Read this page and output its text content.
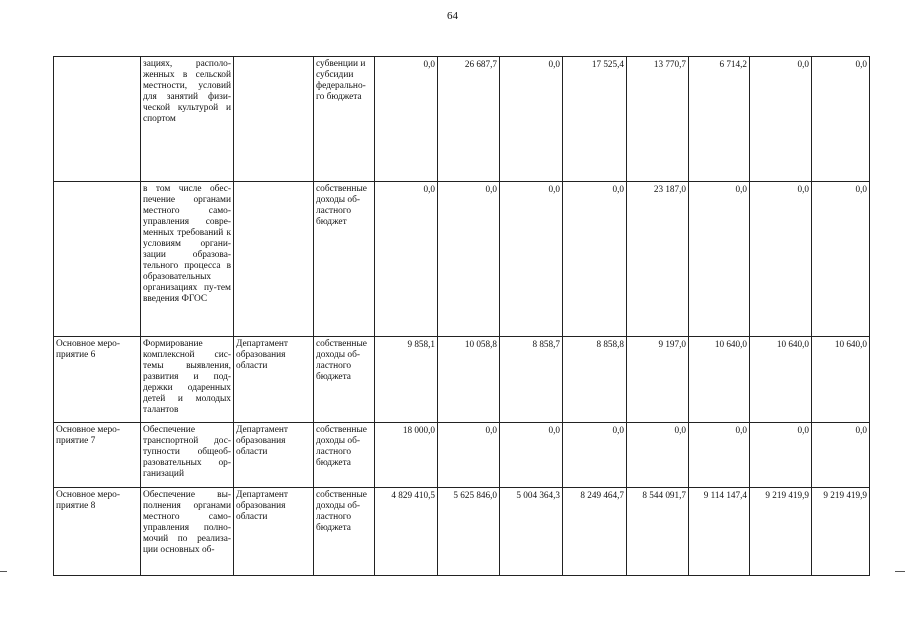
64
	зациях, располо-женных в сельской местности, условий для занятий физи-ческой культурой и спортом		субвенции и субсидии федерально-го бюджета	0,0	26 687,7	0,0	17 525,4	13 770,7	6 714,2	0,0	0,0
	в том числе обес-печение органами местного само-управления совре-менных требований к условиям органи-зации образова-тельного процесса в образовательных организациях пу-тем введения ФГОС		собственные доходы об-ластного бюджет	0,0	0,0	0,0	0,0	23 187,0	0,0	0,0	0,0
Основное меро-приятие 6	Формирование комплексной сис-темы выявления, развития и под-держки одаренных детей и молодых талантов	Департамент образования области	собственные доходы об-ластного бюджета	9 858,1	10 058,8	8 858,7	8 858,8	9 197,0	10 640,0	10 640,0	10 640,0
Основное меро-приятие 7	Обеспечение транспортной дос-тупности общеоб-разовательных ор-ганизаций	Департамент образования области	собственные доходы об-ластного бюджета	18 000,0	0,0	0,0	0,0	0,0	0,0	0,0	0,0
Основное меро-приятие 8	Обеспечение вы-полнения органами местного само-управления полно-мочий по реализа-ции основных об-	Департамент образования области	собственные доходы об-ластного бюджета	4 829 410,5	5 625 846,0	5 004 364,3	8 249 464,7	8 544 091,7	9 114 147,4	9 219 419,9	9 219 419,9
